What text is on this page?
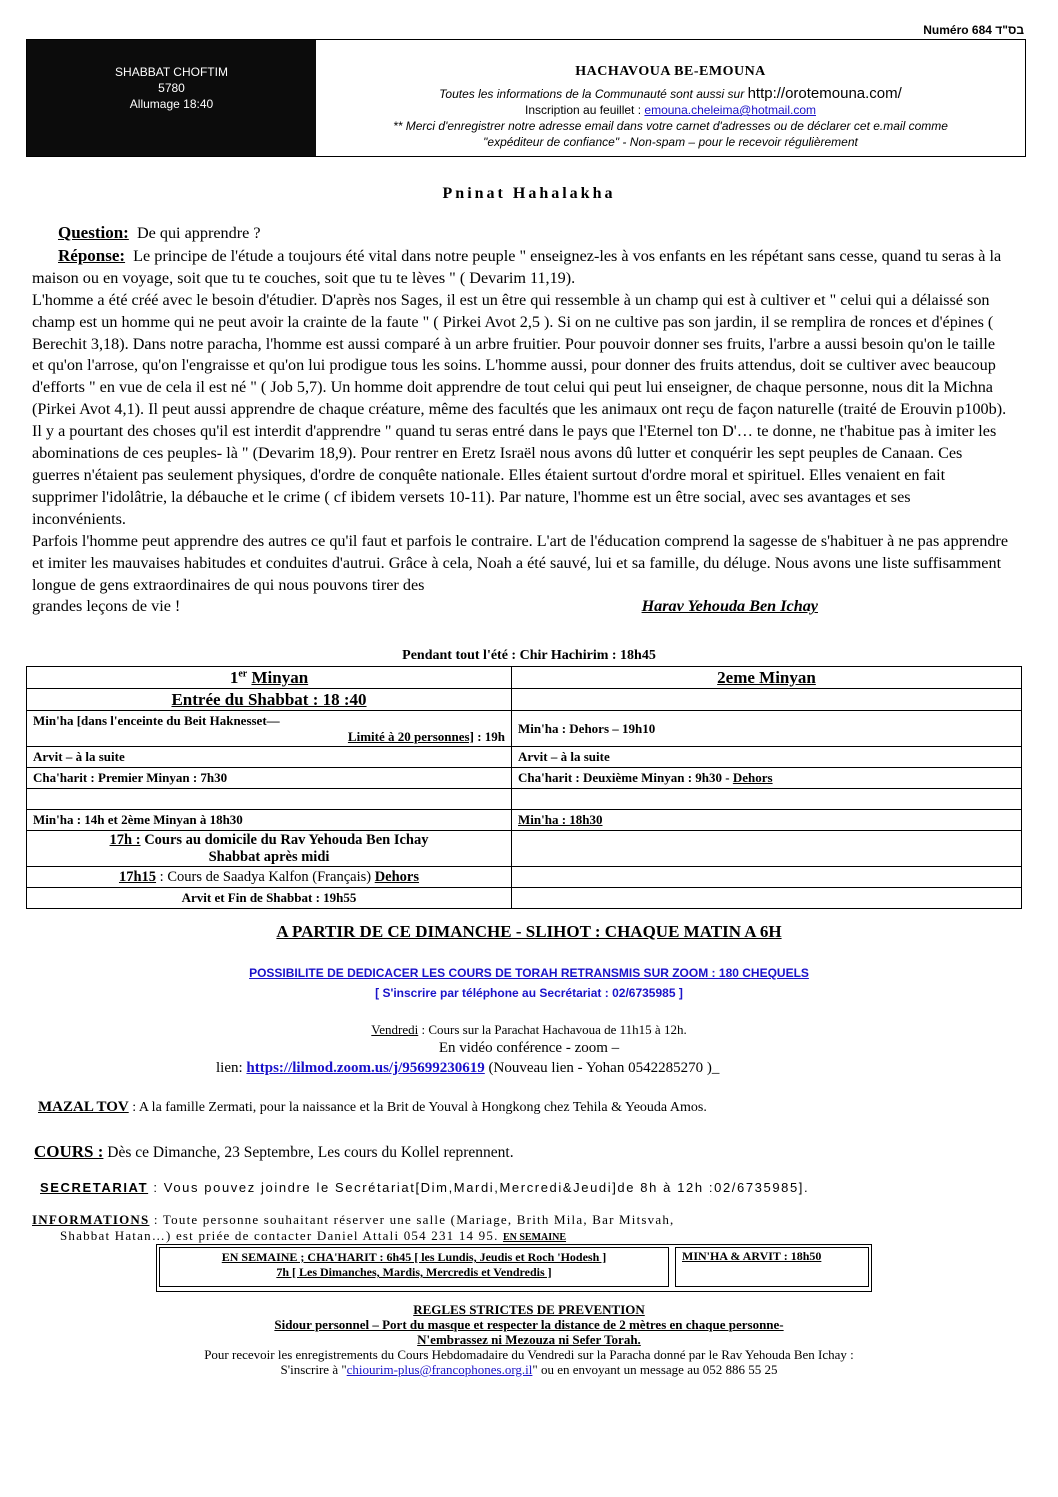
Numéro 684 בס"ד
SHABBAT CHOFTIM
5780
Allumage 18:40
HACHAVOUA BE-EMOUNA
Toutes les informations de la Communauté sont aussi sur http://orotemouna.com/
Inscription au feuillet : emouna.cheleima@hotmail.com
** Merci d'enregistrer notre adresse email dans votre carnet d'adresses ou de déclarer cet e.mail comme
"expéditeur de confiance" - Non-spam – pour le recevoir régulièrement
Pninat Hahalakha

Question: De qui apprendre ?

Réponse: Le principe de l'étude a toujours été vital dans notre peuple " enseignez-les à vos enfants en les répétant sans cesse, quand tu seras à la maison ou en voyage, soit que tu te couches, soit que tu te lèves " ( Devarim 11,19).

L'homme a été créé avec le besoin d'étudier. D'après nos Sages, il est un être qui ressemble à un champ qui est à cultiver et " celui qui a délaissé son champ est un homme qui ne peut avoir la crainte de la faute " ( Pirkei Avot 2,5 ). Si on ne cultive pas son jardin, il se remplira de ronces et d'épines ( Berechit 3,18). Dans notre paracha, l'homme est aussi comparé à un arbre fruitier. Pour pouvoir donner ses fruits, l'arbre a aussi besoin qu'on le taille et qu'on l'arrose, qu'on l'engraisse et qu'on lui prodigue tous les soins. L'homme aussi, pour donner des fruits attendus, doit se cultiver avec beaucoup d'efforts " en vue de cela il est né " ( Job 5,7). Un homme doit apprendre de tout celui qui peut lui enseigner, de chaque personne, nous dit la Michna (Pirkei Avot 4,1). Il peut aussi apprendre de chaque créature, même des facultés que les animaux ont reçu de façon naturelle (traité de Erouvin p100b).

Il y a pourtant des choses qu'il est interdit d'apprendre " quand tu seras entré dans le pays que l'Eternel ton D'… te donne, ne t'habitue pas à imiter les abominations de ces peuples- là " (Devarim 18,9). Pour rentrer en Eretz Israël nous avons dû lutter et conquérir les sept peuples de Canaan. Ces guerres n'étaient pas seulement physiques, d'ordre de conquête nationale. Elles étaient surtout d'ordre moral et spirituel. Elles venaient en fait supprimer l'idolâtrie, la débauche et le crime ( cf ibidem versets 10-11). Par nature, l'homme est un être social, avec ses avantages et ses inconvénients.

Parfois l'homme peut apprendre des autres ce qu'il faut et parfois le contraire. L'art de l'éducation comprend la sagesse de s'habituer à ne pas apprendre et imiter les mauvaises habitudes et conduites d'autrui. Grâce à cela, Noah a été sauvé, lui et sa famille, du déluge. Nous avons une liste suffisamment longue de gens extraordinaires de qui nous pouvons tirer des

grandes leçons de vie !	Harav Yehouda Ben Ichay

Pendant tout l'été : Chir Hachirim : 18h45
1er Minyan	2eme Minyan
Entrée du Shabbat : 18 :40	

Min'ha [dans l'enceinte du Beit Haknesset—
Limité à 20 personnes] : 19h	Min'ha : Dehors – 19h10
Arvit – à la suite	Arvit – à la suite
Cha'harit : Premier Minyan : 7h30	Cha'harit : Deuxième Minyan : 9h30 - Dehors

Min'ha : 14h et 2ème Minyan à 18h30	Min'ha : 18h30

17h : Cours au domicile du Rav Yehouda Ben Ichay
Shabbat après midi	

17h15 : Cours de Saadya Kalfon (Français) Dehors	
Arvit et Fin de Shabbat : 19h55	
A PARTIR DE CE DIMANCHE - SLIHOT : CHAQUE MATIN A 6H
POSSIBILITE DE DEDICACER LES COURS DE TORAH RETRANSMIS SUR ZOOM : 180 CHEQUELS
[ S'inscrire par téléphone au Secrétariat : 02/6735985 ]
Vendredi : Cours sur la Parachat Hachavoua de 11h15 à 12h.
En vidéo conférence - zoom –
lien: https://lilmod.zoom.us/j/95699230619 (Nouveau lien - Yohan 0542285270 )_
MAZAL TOV : A la famille Zermati, pour la naissance et la Brit de Youval à Hongkong chez Tehila & Yeouda Amos.
COURS : Dès ce Dimanche, 23 Septembre, Les cours du Kollel reprennent.
SECRETARIAT : Vous pouvez joindre le Secrétariat[Dim,Mardi,Mercredi&Jeudi]de 8h à 12h :02/6735985].
INFORMATIONS : Toute personne souhaitant réserver une salle (Mariage, Brith Mila, Bar Mitsvah,
Shabbat Hatan…) est priée de contacter Daniel Attali 054 231 14 95. EN SEMAINE
EN SEMAINE ; CHA'HARIT : 6h45 [ les Lundis, Jeudis et Roch 'Hodesh ]
7h [ Les Dimanches, Mardis, Mercredis et Vendredis ]
MIN'HA & ARVIT : 18h50
REGLES STRICTES DE PREVENTION
Sidour personnel – Port du masque et respecter la distance de 2 mètres en chaque personne-
N'embrassez ni Mezouza ni Sefer Torah.
Pour recevoir les enregistrements du Cours Hebdomadaire du Vendredi sur la Paracha donné par le Rav Yehouda Ben Ichay :
S'inscrire à "chiourim-plus@francophones.org.il" ou en envoyant un message au 052 886 55 25
